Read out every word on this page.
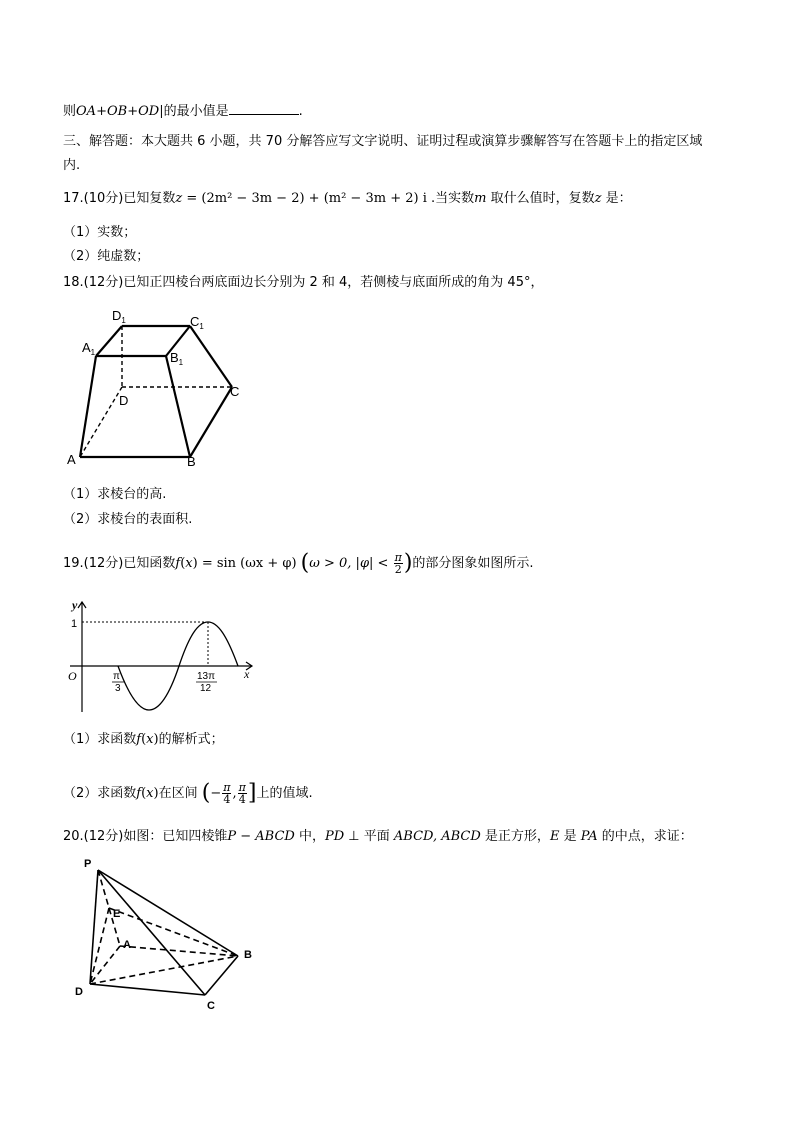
则OA+OB+OD|的最小值是	.
三、解答题：本大题共 6 小题，共 70 分解答应写文字说明、证明过程或演算步骤解答写在答题卡上的指定区域
内.
17.(10分)已知复数z = (2m² − 3m − 2) + (m² − 3m + 2) i .当实数m 取什么值时，复数z 是：
（1）实数；
（2）纯虚数；
18.(12分)已知正四棱台两底面边长分别为 2 和 4，若侧棱与底面所成的角为 45°，
$D_1$	$C_1$
$A_1$	$B_1$
D
C
A	B
（1）求棱台的高.
（2）求棱台的表面积.
19.(12分)已知函数f(x) = sin (ωx + φ) (ω > 0, $|\varphi| < \frac{\pi}{2}$ )的部分图象如图所示.
y
x
O
1
π
3
13π
12
（1）求函数f(x)的解析式；
（2）求函数f(x)在区间 (− $\frac{\pi}{4}$ , $\frac{\pi}{4}$ ]上的值域.
20.(12分)如图：已知四棱锥P − ABCD 中，PD ⊥ 平面 ABCD, ABCD 是正方形，E 是 PA 的中点，求证：
P
E
A
B
D
C
